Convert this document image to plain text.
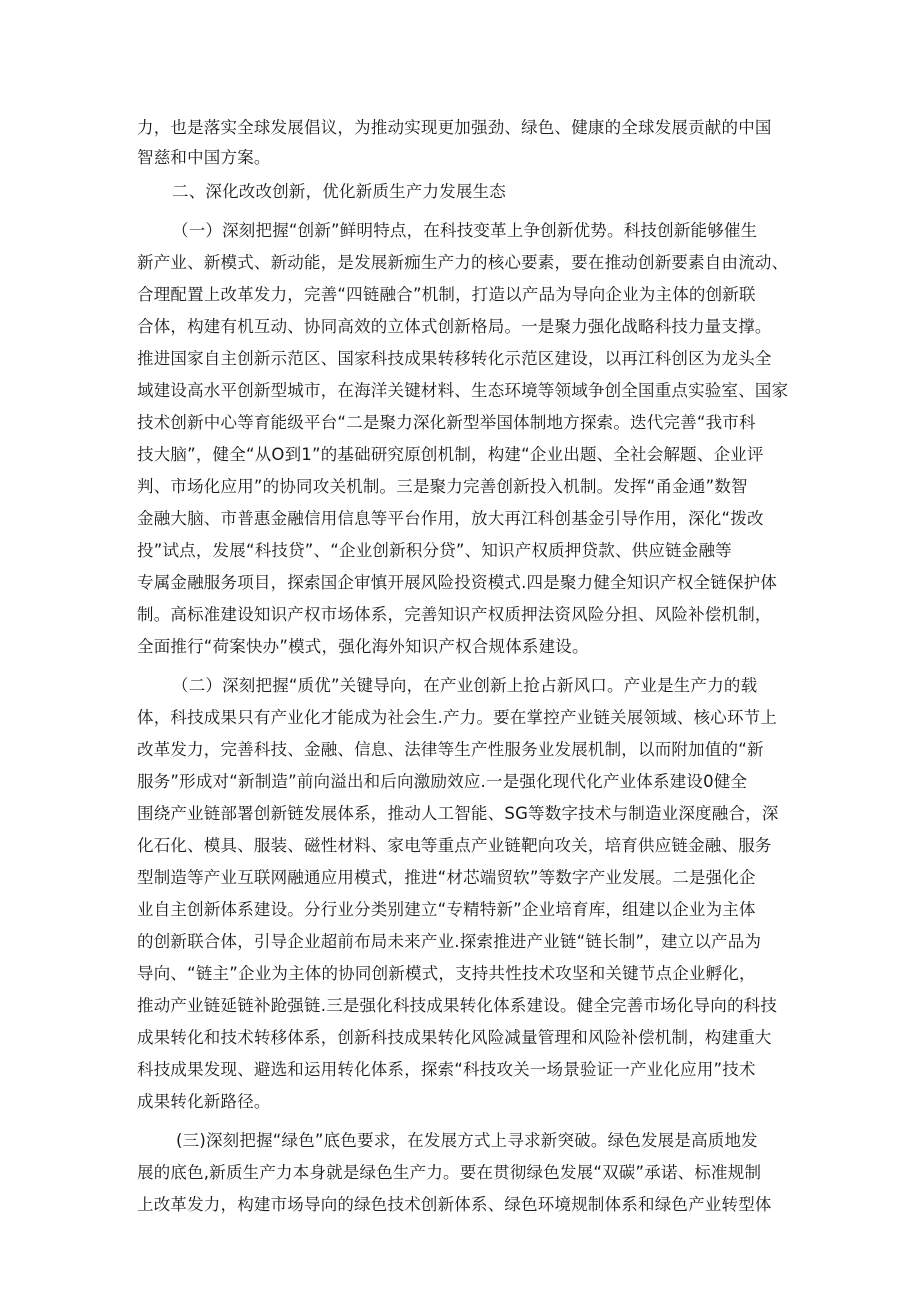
力，也是落实全球发展倡议，为推动实现更加强劲、绿色、健康的全球发展贡献的中国
智慈和中国方案。
二、深化改改创新，优化新质生产力发展生态
（一）深刻把握“创新”鲜明特点，在科技变革上争创新优势。科技创新能够催生
新产业、新模式、新动能，是发展新痂生产力的核心要素，要在推动创新要素自由流动、
合理配置上改革发力，完善“四链融合”机制，打造以产品为导向企业为主体的创新联
合体，构建有机互动、协同高效的立体式创新格局。一是聚力强化战略科技力量支撑。
推进国家自主创新示范区、国家科技成果转移转化示范区建设，以再江科创区为龙头全
域建设高水平创新型城市，在海洋关键材料、生态环境等领域争创全国重点实验室、国家
技术创新中心等育能级平台“二是聚力深化新型举国体制地方探索。迭代完善“我市科
技大脑”，健全“从O到1”的基础研究原创机制，构建“企业出题、全社会解题、企业评
判、市场化应用”的协同攻关机制。三是聚力完善创新投入机制。发挥“甬金通”数智
金融大脑、市普惠金融信用信息等平台作用，放大再江科创基金引导作用，深化“拨改
投”试点，发展“科技贷”、“企业创新积分贷”、知识产权质押贷款、供应链金融等
专属金融服务项目，探索国企审慎开展风险投资模式.四是聚力健全知识产权全链保护体
制。高标准建设知识产权市场体系，完善知识产权质押法资风险分担、风险补偿机制，
全面推行“荷案快办”模式，强化海外知识产权合规体系建设。
（二）深刻把握“质优”关键导向，在产业创新上抢占新风口。产业是生产力的载
体，科技成果只有产业化才能成为社会生.产力。要在掌控产业链关展领域、核心环节上
改革发力，完善科技、金融、信息、法律等生产性服务业发展机制，以而附加值的“新
服务”形成对“新制造”前向溢出和后向激励效应.一是强化现代化产业体系建设0健全
围绕产业链部署创新链发展体系，推动人工智能、SG等数字技术与制造业深度融合，深
化石化、模具、服装、磁性材料、家电等重点产业链靶向攻关，培育供应链金融、服务
型制造等产业互联网融通应用模式，推进“材芯端贸软”等数字产业发展。二是强化企
业自主创新体系建设。分行业分类别建立“专精特新”企业培育库，组建以企业为主体
的创新联合体，引导企业超前布局未来产业.探索推进产业链“链长制”，建立以产品为
导向、“链主”企业为主体的协同创新模式，支持共性技术攻坚和关键节点企业孵化，
推动产业链延链补跄强链.三是强化科技成果转化体系建设。健全完善市场化导向的科技
成果转化和技术转移体系，创新科技成果转化风险减量管理和风险补偿机制，构建重大
科技成果发现、避选和运用转化体系，探索“科技攻关一场景验证一产业化应用”技术
成果转化新路径。
(三)深刻把握“绿色”底色要求，在发展方式上寻求新突破。绿色发展是高质地发
展的底色,新质生产力本身就是绿色生产力。要在贯彻绿色发展“双碳”承诺、标准规制
上改革发力，构建市场导向的绿色技术创新体系、绿色环境规制体系和绿色产业转型体
